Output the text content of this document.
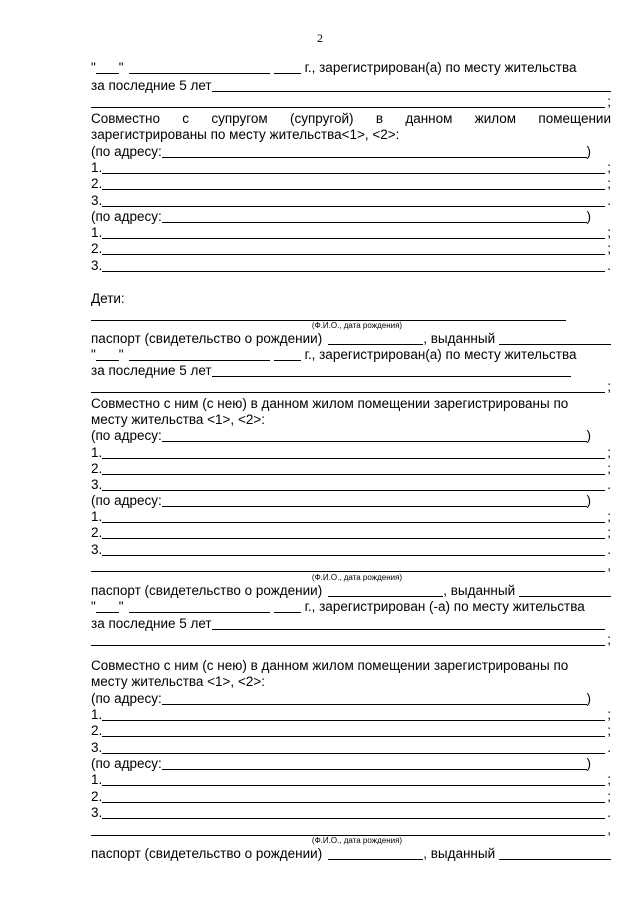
2
" "	г., зарегистрирован(а) по месту жительства
за последние 5 лет
;
Совместно с супругом (супругой) в данном жилом помещении
зарегистрированы по месту жительства<1>, <2>:
(по адресу:	)
1.	;
2.	;
3.	.
(по адресу:	)
1.	;
2.	;
3.	.
Дети:
(Ф.И.О., дата рождения)
паспорт (свидетельство о рождении)	, выданный
" "	г., зарегистрирован(а) по месту жительства
за последние 5 лет
;
Совместно с ним (с нею) в данном жилом помещении зарегистрированы по
месту жительства <1>, <2>:
(по адресу:	)
1.	;
2.	;
3.	.
(по адресу:	)
1.	;
2.	;
3.	.
,
(Ф.И.О., дата рождения)
паспорт (свидетельство о рождении)	, выданный
" "	г., зарегистрирован (-а) по месту жительства
за последние 5 лет
;
Совместно с ним (с нею) в данном жилом помещении зарегистрированы по
месту жительства <1>, <2>:
(по адресу:	)
1.	;
2.	;
3.	.
(по адресу:	)
1.	;
2.	;
3.	.
,
(Ф.И.О., дата рождения)
паспорт (свидетельство о рождении)	, выданный
